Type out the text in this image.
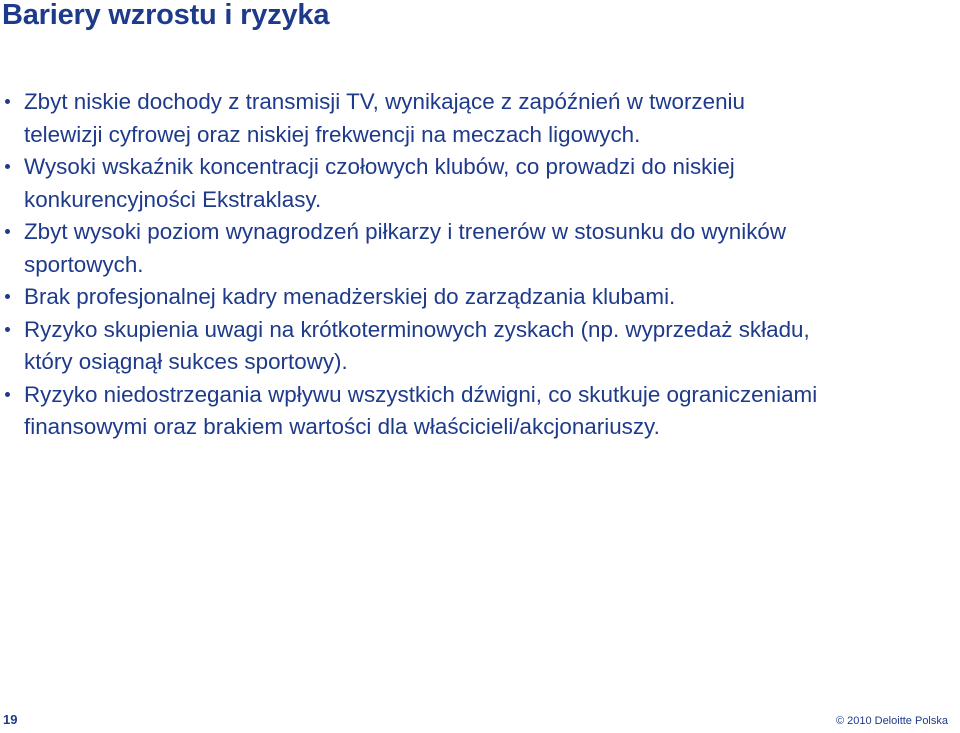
Bariery wzrostu i ryzyka
Zbyt niskie dochody z transmisji TV, wynikające z zapóźnień w tworzeniu
telewizji cyfrowej oraz niskiej frekwencji na meczach ligowych.
Wysoki wskaźnik koncentracji czołowych klubów, co prowadzi do niskiej
konkurencyjności Ekstraklasy.
Zbyt wysoki poziom wynagrodzeń piłkarzy i trenerów w stosunku do wyników
sportowych.
Brak profesjonalnej kadry menadżerskiej do zarządzania klubami.
Ryzyko skupienia uwagi na krótkoterminowych zyskach (np. wyprzedaż składu,
który osiągnął sukces sportowy).
Ryzyko niedostrzegania wpływu wszystkich dźwigni, co skutkuje ograniczeniami
finansowymi oraz brakiem wartości dla właścicieli/akcjonariuszy.
19	© 2010 Deloitte Polska
